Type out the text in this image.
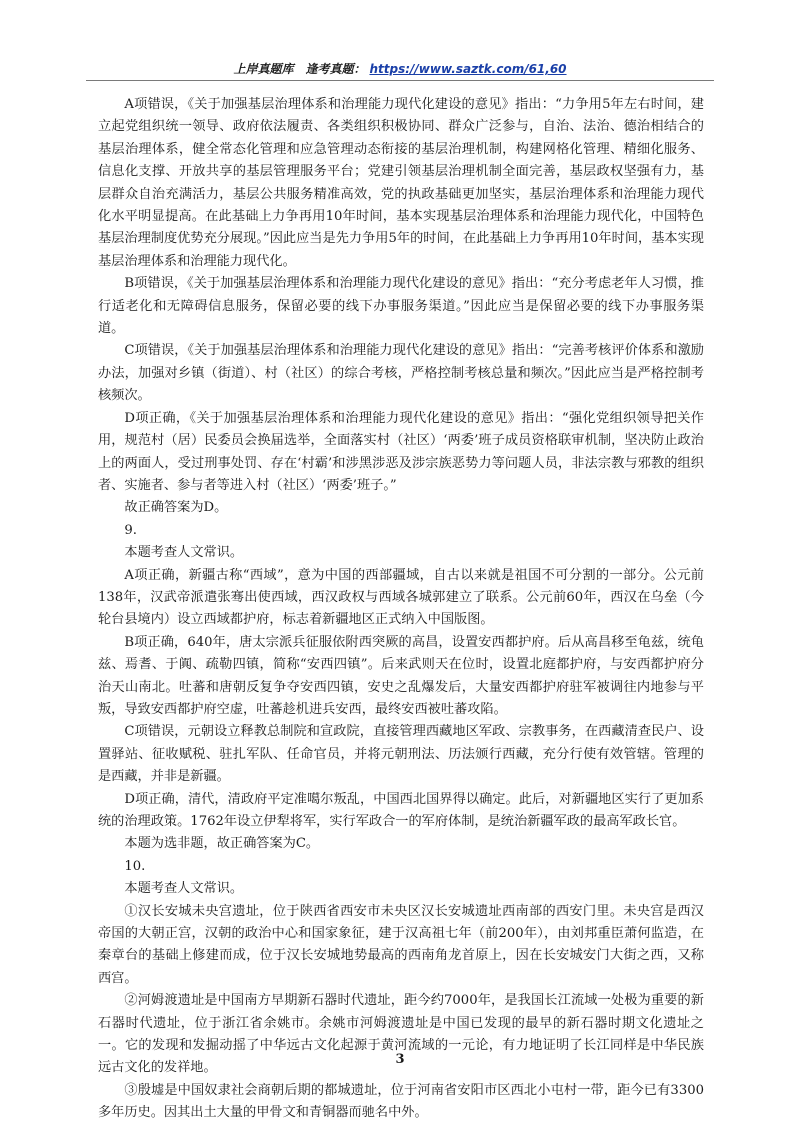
上岸真题库　逢考真题： https://www.saztk.com/61,60

A项错误，《关于加强基层治理体系和治理能力现代化建设的意见》指出：“力争用5年左右时间，建立起党组织统一领导、政府依法履责、各类组织积极协同、群众广泛参与，自治、法治、德治相结合的基层治理体系，健全常态化管理和应急管理动态衔接的基层治理机制，构建网格化管理、精细化服务、信息化支撑、开放共享的基层管理服务平台；党建引领基层治理机制全面完善，基层政权坚强有力，基层群众自治充满活力，基层公共服务精准高效，党的执政基础更加坚实，基层治理体系和治理能力现代化水平明显提高。在此基础上力争再用10年时间，基本实现基层治理体系和治理能力现代化，中国特色基层治理制度优势充分展现。”因此应当是先力争用5年的时间，在此基础上力争再用10年时间，基本实现基层治理体系和治理能力现代化。

B项错误，《关于加强基层治理体系和治理能力现代化建设的意见》指出：“充分考虑老年人习惯，推行适老化和无障碍信息服务，保留必要的线下办事服务渠道。”因此应当是保留必要的线下办事服务渠道。

C项错误，《关于加强基层治理体系和治理能力现代化建设的意见》指出：“完善考核评价体系和激励办法，加强对乡镇（街道）、村（社区）的综合考核，严格控制考核总量和频次。”因此应当是严格控制考核频次。

D项正确，《关于加强基层治理体系和治理能力现代化建设的意见》指出：“强化党组织领导把关作用，规范村（居）民委员会换届选举，全面落实村（社区）‘两委’班子成员资格联审机制，坚决防止政治上的两面人，受过刑事处罚、存在‘村霸’和涉黑涉恶及涉宗族恶势力等问题人员，非法宗教与邪教的组织者、实施者、参与者等进入村（社区）‘两委’班子。”

故正确答案为D。

9.

本题考查人文常识。

A项正确，新疆古称“西域”，意为中国的西部疆域，自古以来就是祖国不可分割的一部分。公元前138年，汉武帝派遣张骞出使西域，西汉政权与西域各城郭建立了联系。公元前60年，西汉在乌垒（今轮台县境内）设立西域都护府，标志着新疆地区正式纳入中国版图。

B项正确，640年，唐太宗派兵征服依附西突厥的高昌，设置安西都护府。后从高昌移至龟兹，统龟兹、焉耆、于阗、疏勒四镇，简称“安西四镇”。后来武则天在位时，设置北庭都护府，与安西都护府分治天山南北。吐蕃和唐朝反复争夺安西四镇，安史之乱爆发后，大量安西都护府驻军被调往内地参与平叛，导致安西都护府空虚，吐蕃趁机进兵安西，最终安西被吐蕃攻陷。

C项错误，元朝设立释教总制院和宣政院，直接管理西藏地区军政、宗教事务，在西藏清查民户、设置驿站、征收赋税、驻扎军队、任命官员，并将元朝刑法、历法颁行西藏，充分行使有效管辖。管理的是西藏，并非是新疆。

D项正确，清代，清政府平定准噶尔叛乱，中国西北国界得以确定。此后，对新疆地区实行了更加系统的治理政策。1762年设立伊犁将军，实行军政合一的军府体制，是统治新疆军政的最高军政长官。

本题为选非题，故正确答案为C。

10.

本题考查人文常识。

①汉长安城未央宫遗址，位于陕西省西安市未央区汉长安城遗址西南部的西安门里。未央宫是西汉帝国的大朝正宫，汉朝的政治中心和国家象征，建于汉高祖七年（前200年），由刘邦重臣萧何监造，在秦章台的基础上修建而成，位于汉长安城地势最高的西南角龙首原上，因在长安城安门大街之西，又称西宫。

②河姆渡遗址是中国南方早期新石器时代遗址，距今约7000年，是我国长江流域一处极为重要的新石器时代遗址，位于浙江省余姚市。余姚市河姆渡遗址是中国已发现的最早的新石器时期文化遗址之一。它的发现和发掘动摇了中华远古文化起源于黄河流域的一元论，有力地证明了长江同样是中华民族远古文化的发祥地。

③殷墟是中国奴隶社会商朝后期的都城遗址，位于河南省安阳市区西北小屯村一带，距今已有3300多年历史。因其出土大量的甲骨文和青铜器而驰名中外。

3
